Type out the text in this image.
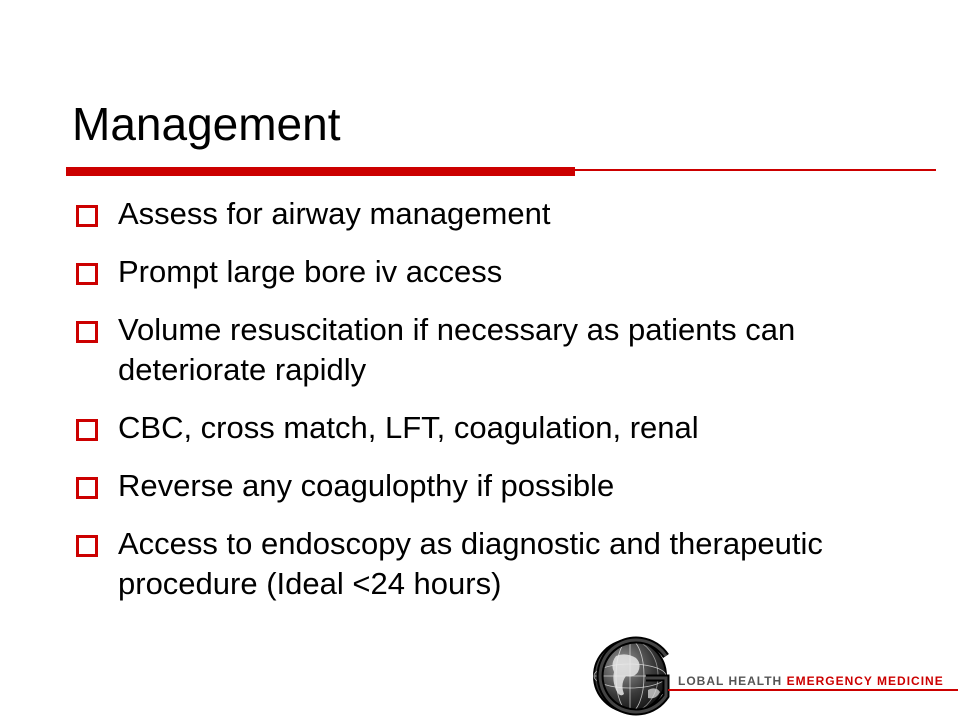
Management
Assess for airway management
Prompt large bore iv access
Volume resuscitation if necessary as patients can deteriorate rapidly
CBC, cross match, LFT, coagulation, renal
Reverse any coagulopthy if possible
Access to endoscopy as diagnostic and therapeutic procedure (Ideal <24 hours)
LOBAL HEALTH EMERGENCY MEDICINE
